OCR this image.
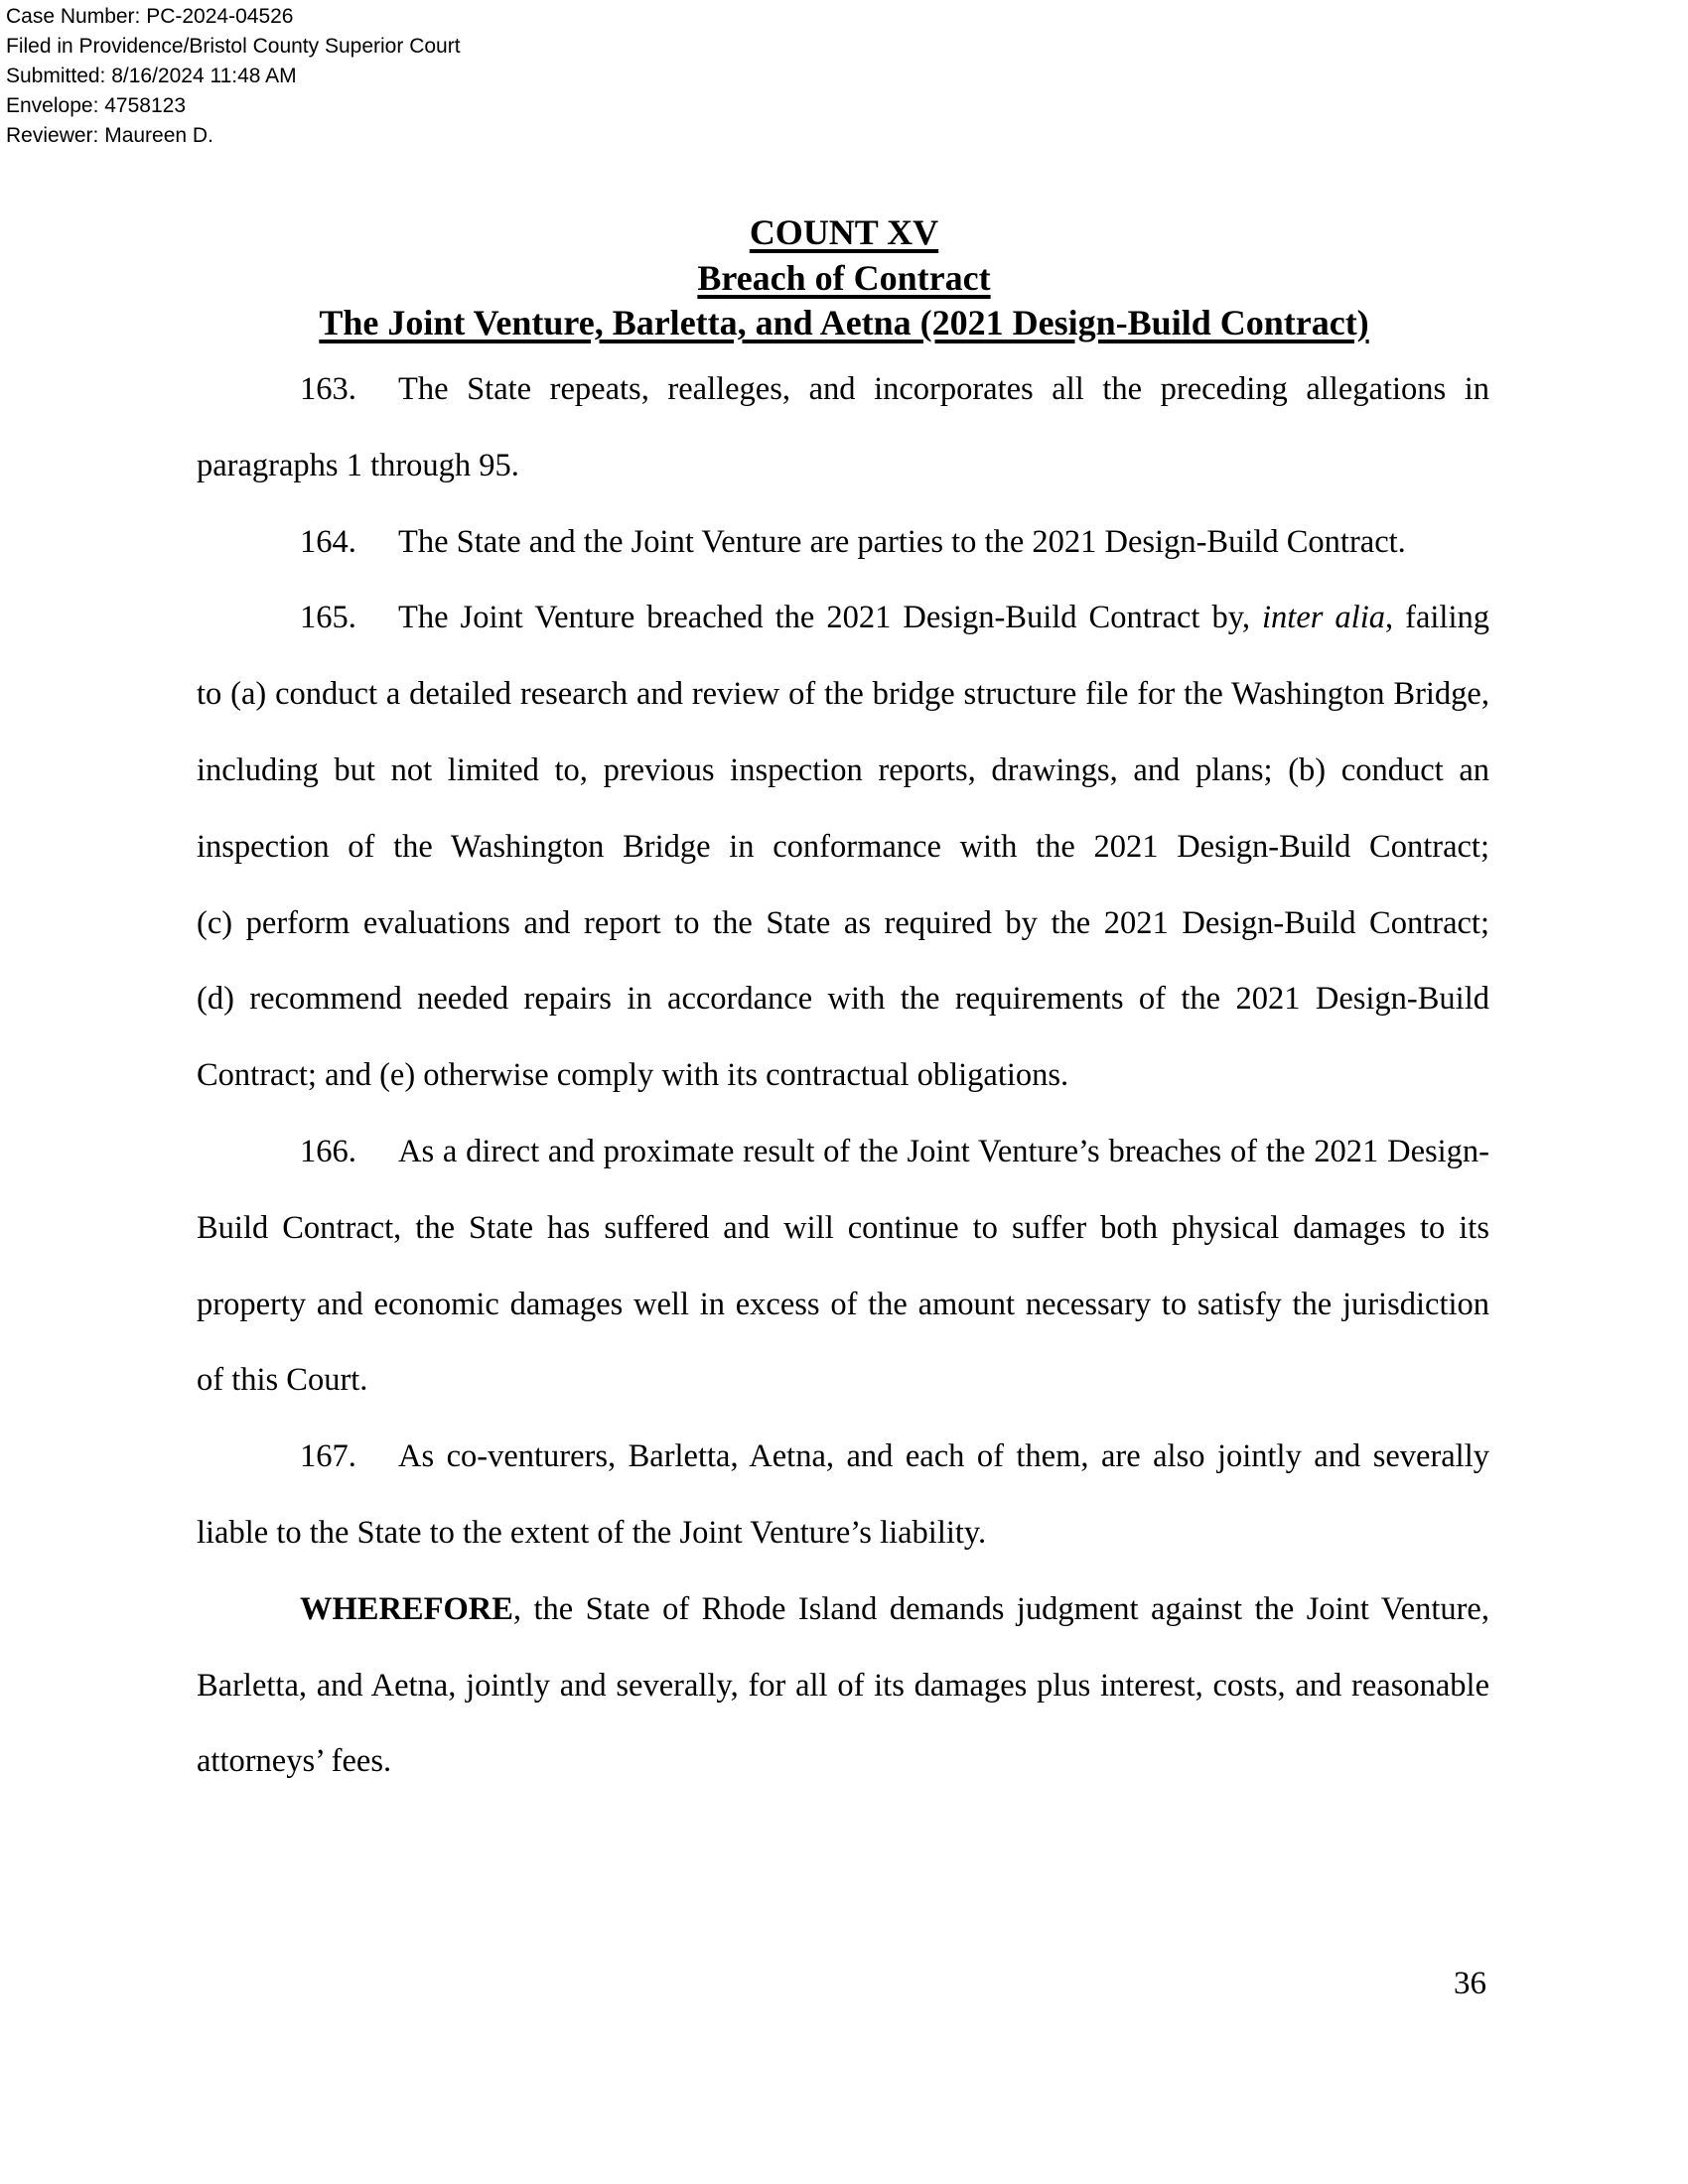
Case Number: PC-2024-04526
Filed in Providence/Bristol County Superior Court
Submitted: 8/16/2024 11:48 AM
Envelope: 4758123
Reviewer: Maureen D.
COUNT XV
Breach of Contract
The Joint Venture, Barletta, and Aetna (2021 Design-Build Contract)
163. The State repeats, realleges, and incorporates all the preceding allegations in
paragraphs 1 through 95.
164. The State and the Joint Venture are parties to the 2021 Design-Build Contract.
165. The Joint Venture breached the 2021 Design-Build Contract by, inter alia, failing
to (a) conduct a detailed research and review of the bridge structure file for the Washington Bridge,
including but not limited to, previous inspection reports, drawings, and plans; (b) conduct an
inspection of the Washington Bridge in conformance with the 2021 Design-Build Contract;
(c) perform evaluations and report to the State as required by the 2021 Design-Build Contract;
(d) recommend needed repairs in accordance with the requirements of the 2021 Design-Build
Contract; and (e) otherwise comply with its contractual obligations.
166. As a direct and proximate result of the Joint Venture’s breaches of the 2021 Design-
Build Contract, the State has suffered and will continue to suffer both physical damages to its
property and economic damages well in excess of the amount necessary to satisfy the jurisdiction
of this Court.
167. As co-venturers, Barletta, Aetna, and each of them, are also jointly and severally
liable to the State to the extent of the Joint Venture’s liability.
WHEREFORE, the State of Rhode Island demands judgment against the Joint Venture,
Barletta, and Aetna, jointly and severally, for all of its damages plus interest, costs, and reasonable
attorneys’ fees.
36
